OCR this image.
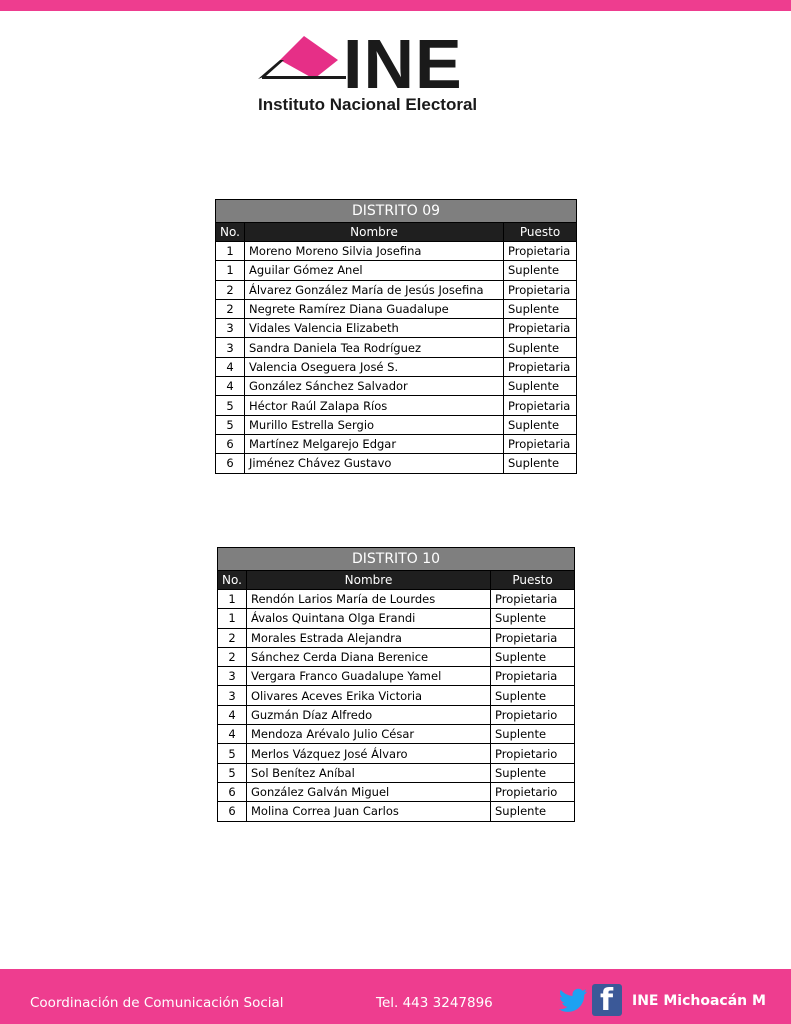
INE
Instituto Nacional Electoral
DISTRITO 09		
No.	Nombre	Puesto
1	Moreno Moreno Silvia Josefina	Propietaria
1	Aguilar Gómez Anel	Suplente
2	Álvarez González María de Jesús Josefina	Propietaria
2	Negrete Ramírez Diana Guadalupe	Suplente
3	Vidales Valencia Elizabeth	Propietaria
3	Sandra Daniela Tea Rodríguez	Suplente
4	Valencia Oseguera José S.	Propietaria
4	González Sánchez Salvador	Suplente
5	Héctor Raúl Zalapa Ríos	Propietaria
5	Murillo Estrella Sergio	Suplente
6	Martínez Melgarejo Edgar	Propietaria
6	Jiménez Chávez Gustavo	Suplente
DISTRITO 10		
No.	Nombre	Puesto
1	Rendón Larios María de Lourdes	Propietaria
1	Ávalos Quintana Olga Erandi	Suplente
2	Morales Estrada Alejandra	Propietaria
2	Sánchez Cerda Diana Berenice	Suplente
3	Vergara Franco Guadalupe Yamel	Propietaria
3	Olivares Aceves Erika Victoria	Suplente
4	Guzmán Díaz Alfredo	Propietario
4	Mendoza Arévalo Julio César	Suplente
5	Merlos Vázquez José Álvaro	Propietario
5	Sol Benítez Aníbal	Suplente
6	González Galván Miguel	Propietario
6	Molina Correa Juan Carlos	Suplente
Coordinación de Comunicación Social	Tel. 443 3247896	f INE Michoacán M
